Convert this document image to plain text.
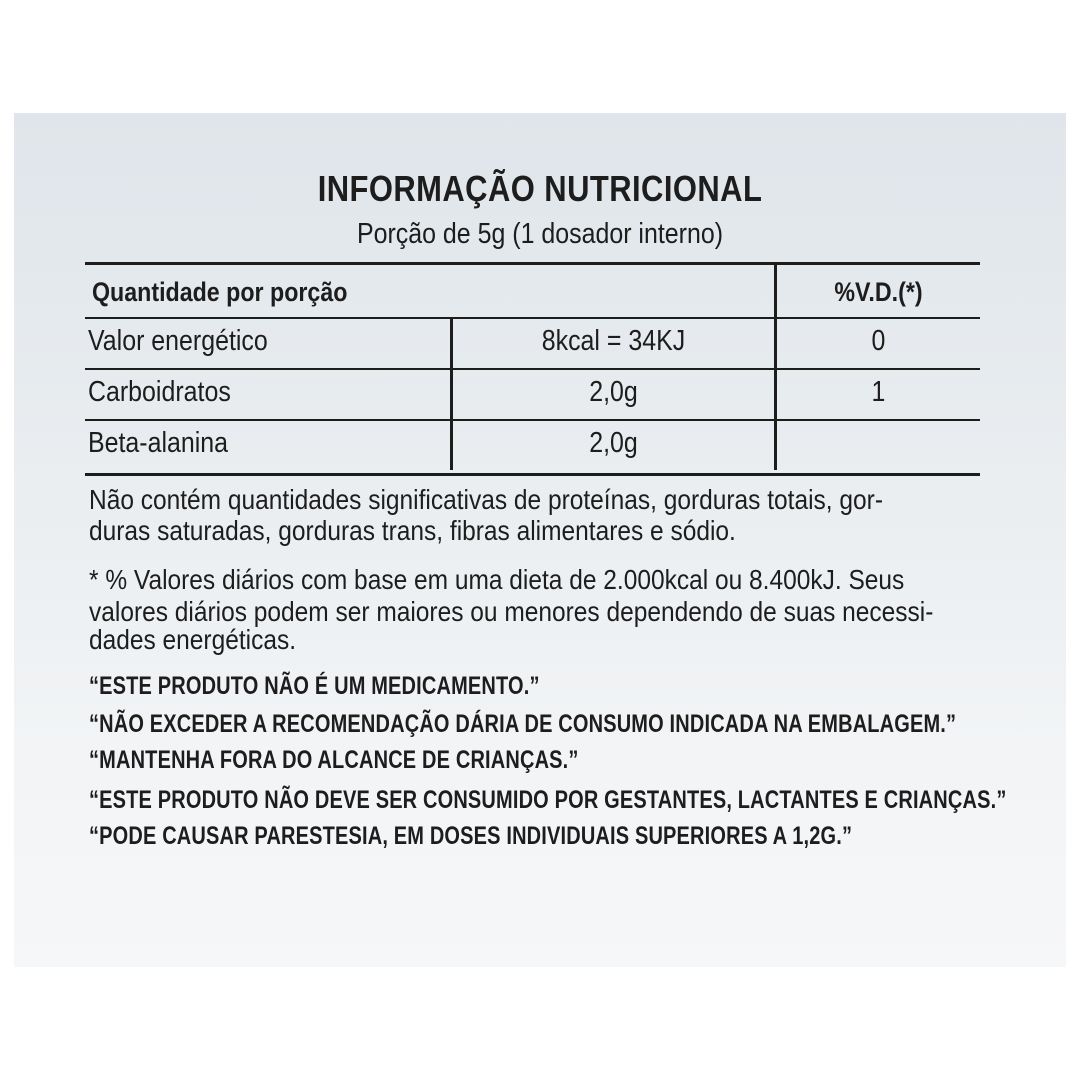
INFORMAÇÃO NUTRICIONAL
Porção de 5g (1 dosador interno)
Quantidade por porção	%V.D.(*)
Valor energético	8kcal = 34KJ	0
Carboidratos	2,0g	1
Beta-alanina	2,0g
Não contém quantidades significativas de proteínas, gorduras totais, gor-
duras saturadas, gorduras trans, fibras alimentares e sódio.
* % Valores diários com base em uma dieta de 2.000kcal ou 8.400kJ. Seus
valores diários podem ser maiores ou menores dependendo de suas necessi-
dades energéticas.
“ESTE PRODUTO NÃO É UM MEDICAMENTO.”
“NÃO EXCEDER A RECOMENDAÇÃO DÁRIA DE CONSUMO INDICADA NA EMBALAGEM.”
“MANTENHA FORA DO ALCANCE DE CRIANÇAS.”
“ESTE PRODUTO NÃO DEVE SER CONSUMIDO POR GESTANTES, LACTANTES E CRIANÇAS.”
“PODE CAUSAR PARESTESIA, EM DOSES INDIVIDUAIS SUPERIORES A 1,2G.”
